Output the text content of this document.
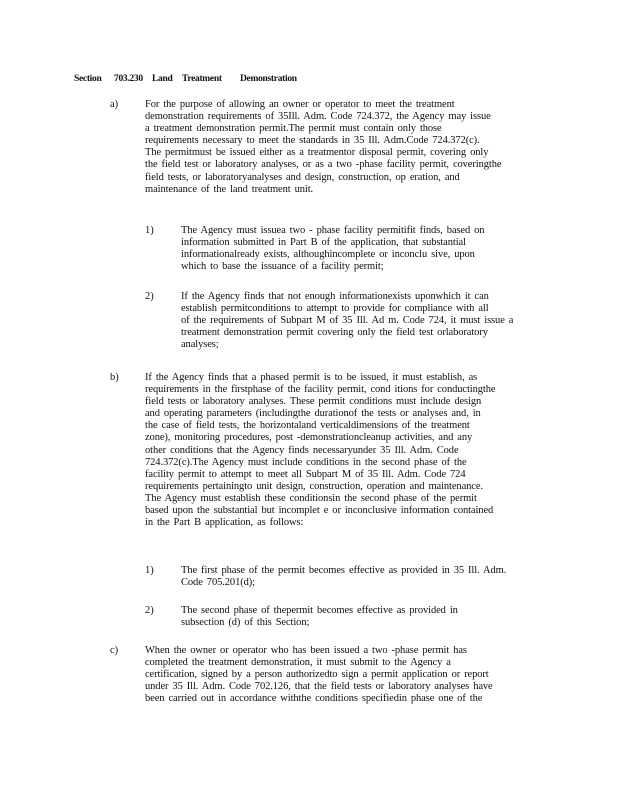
Section	703.230 Land	Treatment	Demonstration
a)	For the purpose of allowing an owner or operator to meet the treatment
demonstration requirements of 35Ill. Adm. Code 724.372, the Agency may issue
a treatment demonstration permit.The permit must contain only those
requirements necessary to meet the standards in 35 Ill. Adm.Code 724.372(c).
The permitmust be issued either as a treatmentor disposal permit, covering only
the field test or laboratory analyses, or as a two -phase facility permit, coveringthe
field tests, or laboratoryanalyses and design, construction, op eration, and
maintenance of the land treatment unit.
1)	The Agency must issuea two - phase facility permitifit finds, based on
information submitted in Part B of the application, that substantial
informationalready exists, althoughincomplete or inconclu sive, upon
which to base the issuance of a facility permit;
2)	If the Agency finds that not enough informationexists uponwhich it can
establish permitconditions to attempt to provide for compliance with all
of the requirements of Subpart M of 35 Ill. Ad m. Code 724, it must issue a
treatment demonstration permit covering only the field test orlaboratory
analyses;
b)	If the Agency finds that a phased permit is to be issued, it must establish, as
requirements in the firstphase of the facility permit, cond itions for conductingthe
field tests or laboratory analyses. These permit conditions must include design
and operating parameters (includingthe durationof the tests or analyses and, in
the case of field tests, the horizontaland verticaldimensions of the treatment
zone), monitoring procedures, post -demonstrationcleanup activities, and any
other conditions that the Agency finds necessaryunder 35 Ill. Adm. Code
724.372(c).The Agency must include conditions in the second phase of the
facility permit to attempt to meet all Subpart M of 35 Ill. Adm. Code 724
requirements pertainingto unit design, construction, operation and maintenance.
The Agency must establish these conditionsin the second phase of the permit
based upon the substantial but incomplet e or inconclusive information contained
in the Part B application, as follows:
1)	The first phase of the permit becomes effective as provided in 35 Ill. Adm.
Code 705.201(d);
2)	The second phase of thepermit becomes effective as provided in
subsection (d) of this Section;
c)	When the owner or operator who has been issued a two -phase permit has
completed the treatment demonstration, it must submit to the Agency a
certification, signed by a person authorizedto sign a permit application or report
under 35 Ill. Adm. Code 702.126, that the field tests or laboratory analyses have
been carried out in accordance withthe conditions specifiedin phase one of the
